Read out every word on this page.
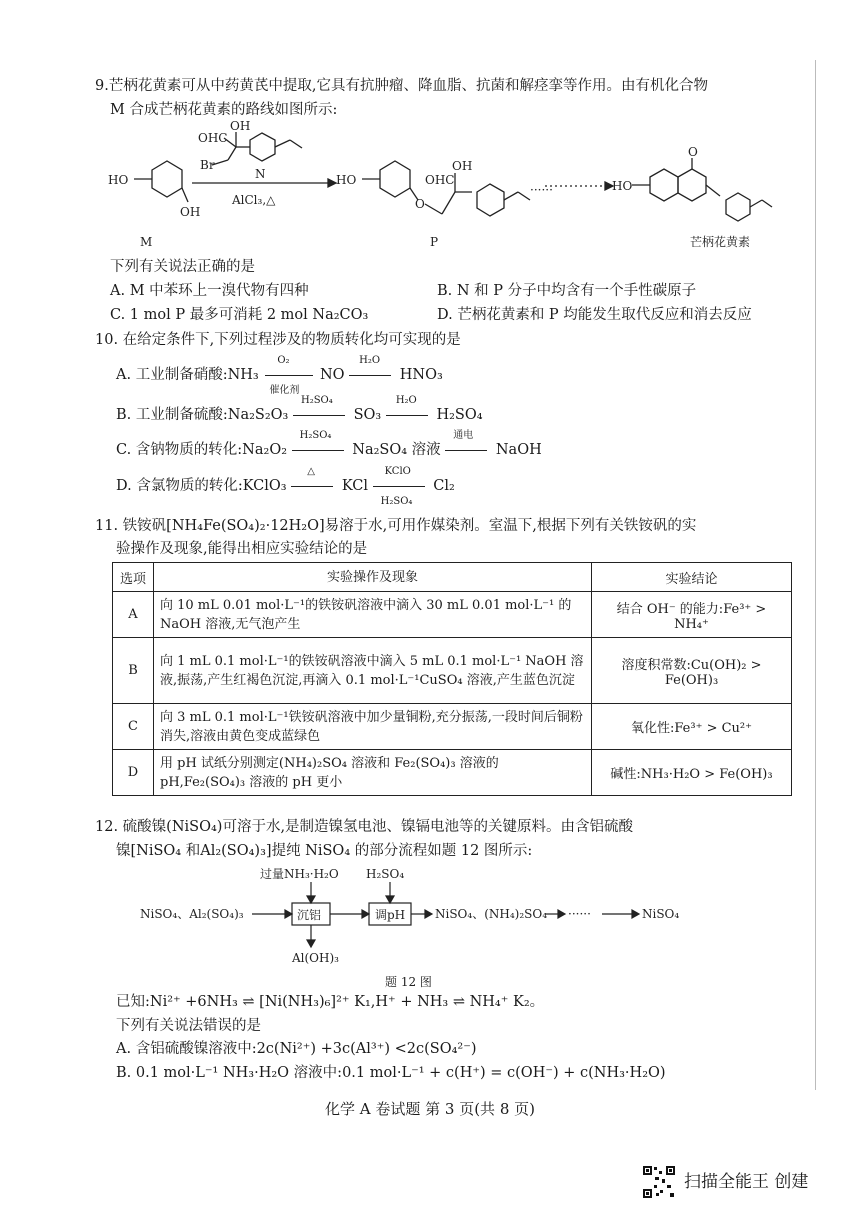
9.芒柄花黄素可从中药黄芪中提取,它具有抗肿瘤、降血脂、抗菌和解痉挛等作用。由有机化合物
M 合成芒柄花黄素的路线如图所示:
HO
OH
OHC
OH
Br
N
AlCl₃,△
HO
O
OHC
OH
······	HO
O
M	P	芒柄花黄素
下列有关说法正确的是
A. M 中苯环上一溴代物有四种	B. N 和 P 分子中均含有一个手性碳原子
C. 1 mol P 最多可消耗 2 mol Na₂CO₃	D. 芒柄花黄素和 P 均能发生取代反应和消去反应
10. 在给定条件下,下列过程涉及的物质转化均可实现的是
A. 工业制备硝酸:NH₃
O₂
催化剂
NO
H₂O
HNO₃
B. 工业制备硫酸:Na₂S₂O₃
H₂SO₄
SO₃
H₂O
H₂SO₄
C. 含钠物质的转化:Na₂O₂
H₂SO₄
Na₂SO₄ 溶液
通电
NaOH
D. 含氯物质的转化:KClO₃
△
KCl
KClO
H₂SO₄
Cl₂
11. 铁铵矾[NH₄Fe(SO₄)₂·12H₂O]易溶于水,可用作媒染剂。室温下,根据下列有关铁铵矾的实
验操作及现象,能得出相应实验结论的是
选项	实验操作及现象	实验结论
A	向 10 mL 0.01 mol·L⁻¹的铁铵矾溶液中滴入 30 mL 0.01 mol·L⁻¹ 的 NaOH 溶液,无气泡产生	结合 OH⁻ 的能力:Fe³⁺ > NH₄⁺
B	向 1 mL 0.1 mol·L⁻¹的铁铵矾溶液中滴入 5 mL 0.1 mol·L⁻¹ NaOH 溶液,振荡,产生红褐色沉淀,再滴入 0.1 mol·L⁻¹CuSO₄ 溶液,产生蓝色沉淀	溶度积常数:Cu(OH)₂ > Fe(OH)₃
C	向 3 mL 0.1 mol·L⁻¹铁铵矾溶液中加少量铜粉,充分振荡,一段时间后铜粉消失,溶液由黄色变成蓝绿色	氧化性:Fe³⁺ > Cu²⁺
D	用 pH 试纸分别测定(NH₄)₂SO₄ 溶液和 Fe₂(SO₄)₃ 溶液的 pH,Fe₂(SO₄)₃ 溶液的 pH 更小	碱性:NH₃·H₂O > Fe(OH)₃
12. 硫酸镍(NiSO₄)可溶于水,是制造镍氢电池、镍镉电池等的关键原料。由含铝硫酸
镍[NiSO₄ 和Al₂(SO₄)₃]提纯 NiSO₄ 的部分流程如题 12 图所示:
NiSO₄、Al₂(SO₄)₃
过量NH₃·H₂O H₂SO₄
沉铝	调pH NiSO₄、(NH₄)₂SO₄ ······	NiSO₄
Al(OH)₃
题 12 图
已知:Ni²⁺ +6NH₃ ⇌ [Ni(NH₃)₆]²⁺ K₁,H⁺ + NH₃ ⇌ NH₄⁺ K₂。
下列有关说法错误的是
A. 含铝硫酸镍溶液中:2c(Ni²⁺) +3c(Al³⁺) <2c(SO₄²⁻)
B. 0.1 mol·L⁻¹ NH₃·H₂O 溶液中:0.1 mol·L⁻¹ + c(H⁺) = c(OH⁻) + c(NH₃·H₂O)
化学 A 卷试题 第 3 页(共 8 页)
扫描全能王 创建
